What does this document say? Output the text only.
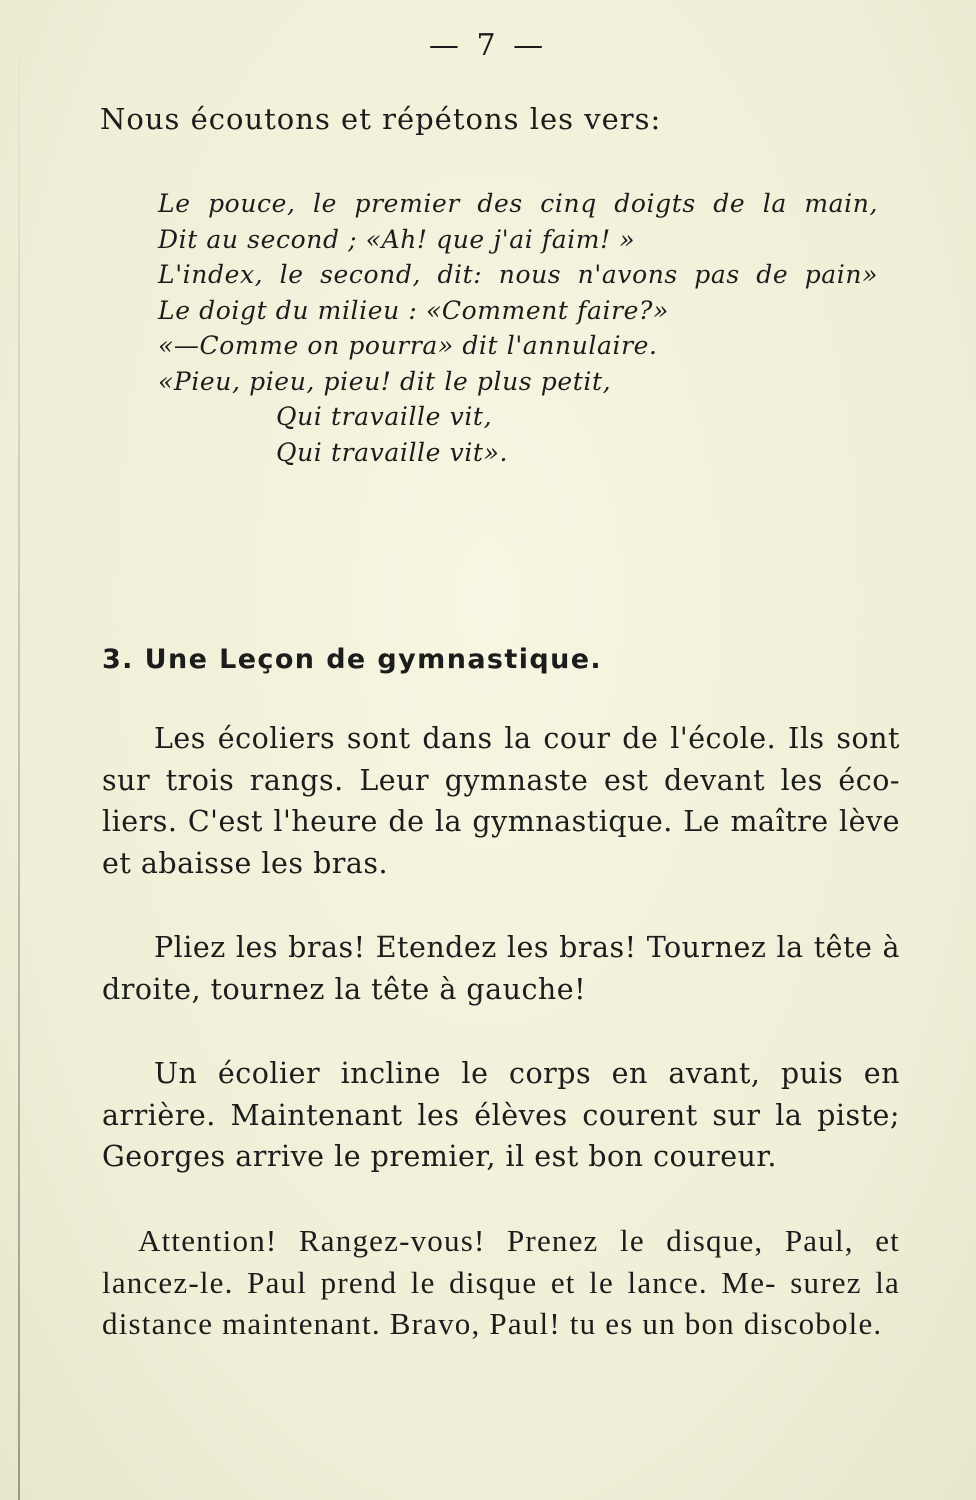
— 7 —
Nous écoutons et répétons les vers:
Le pouce, le premier des cinq doigts de la main,
Dit au second ; «Ah! que j'ai faim! »
L'index, le second, dit: nous n'avons pas de pain»
Le doigt du milieu : «Comment faire?»
«—Comme on pourra» dit l'annulaire.
«Pieu, pieu, pieu! dit le plus petit,
Qui travaille vit,
Qui travaille vit».
3. Une Leçon de gymnastique.

Les écoliers sont dans la cour de l'école. Ils sont sur trois rangs. Leur gymnaste est devant les éco- liers. C'est l'heure de la gymnastique. Le maître lève et abaisse les bras.

Pliez les bras! Etendez les bras! Tournez la tête à droite, tournez la tête à gauche!

Un écolier incline le corps en avant, puis en arrière. Maintenant les élèves courent sur la piste; Georges arrive le premier, il est bon coureur.

Attention! Rangez-vous! Prenez le disque, Paul, et lancez-le. Paul prend le disque et le lance. Me- surez la distance maintenant. Bravo, Paul! tu es un bon discobole.
